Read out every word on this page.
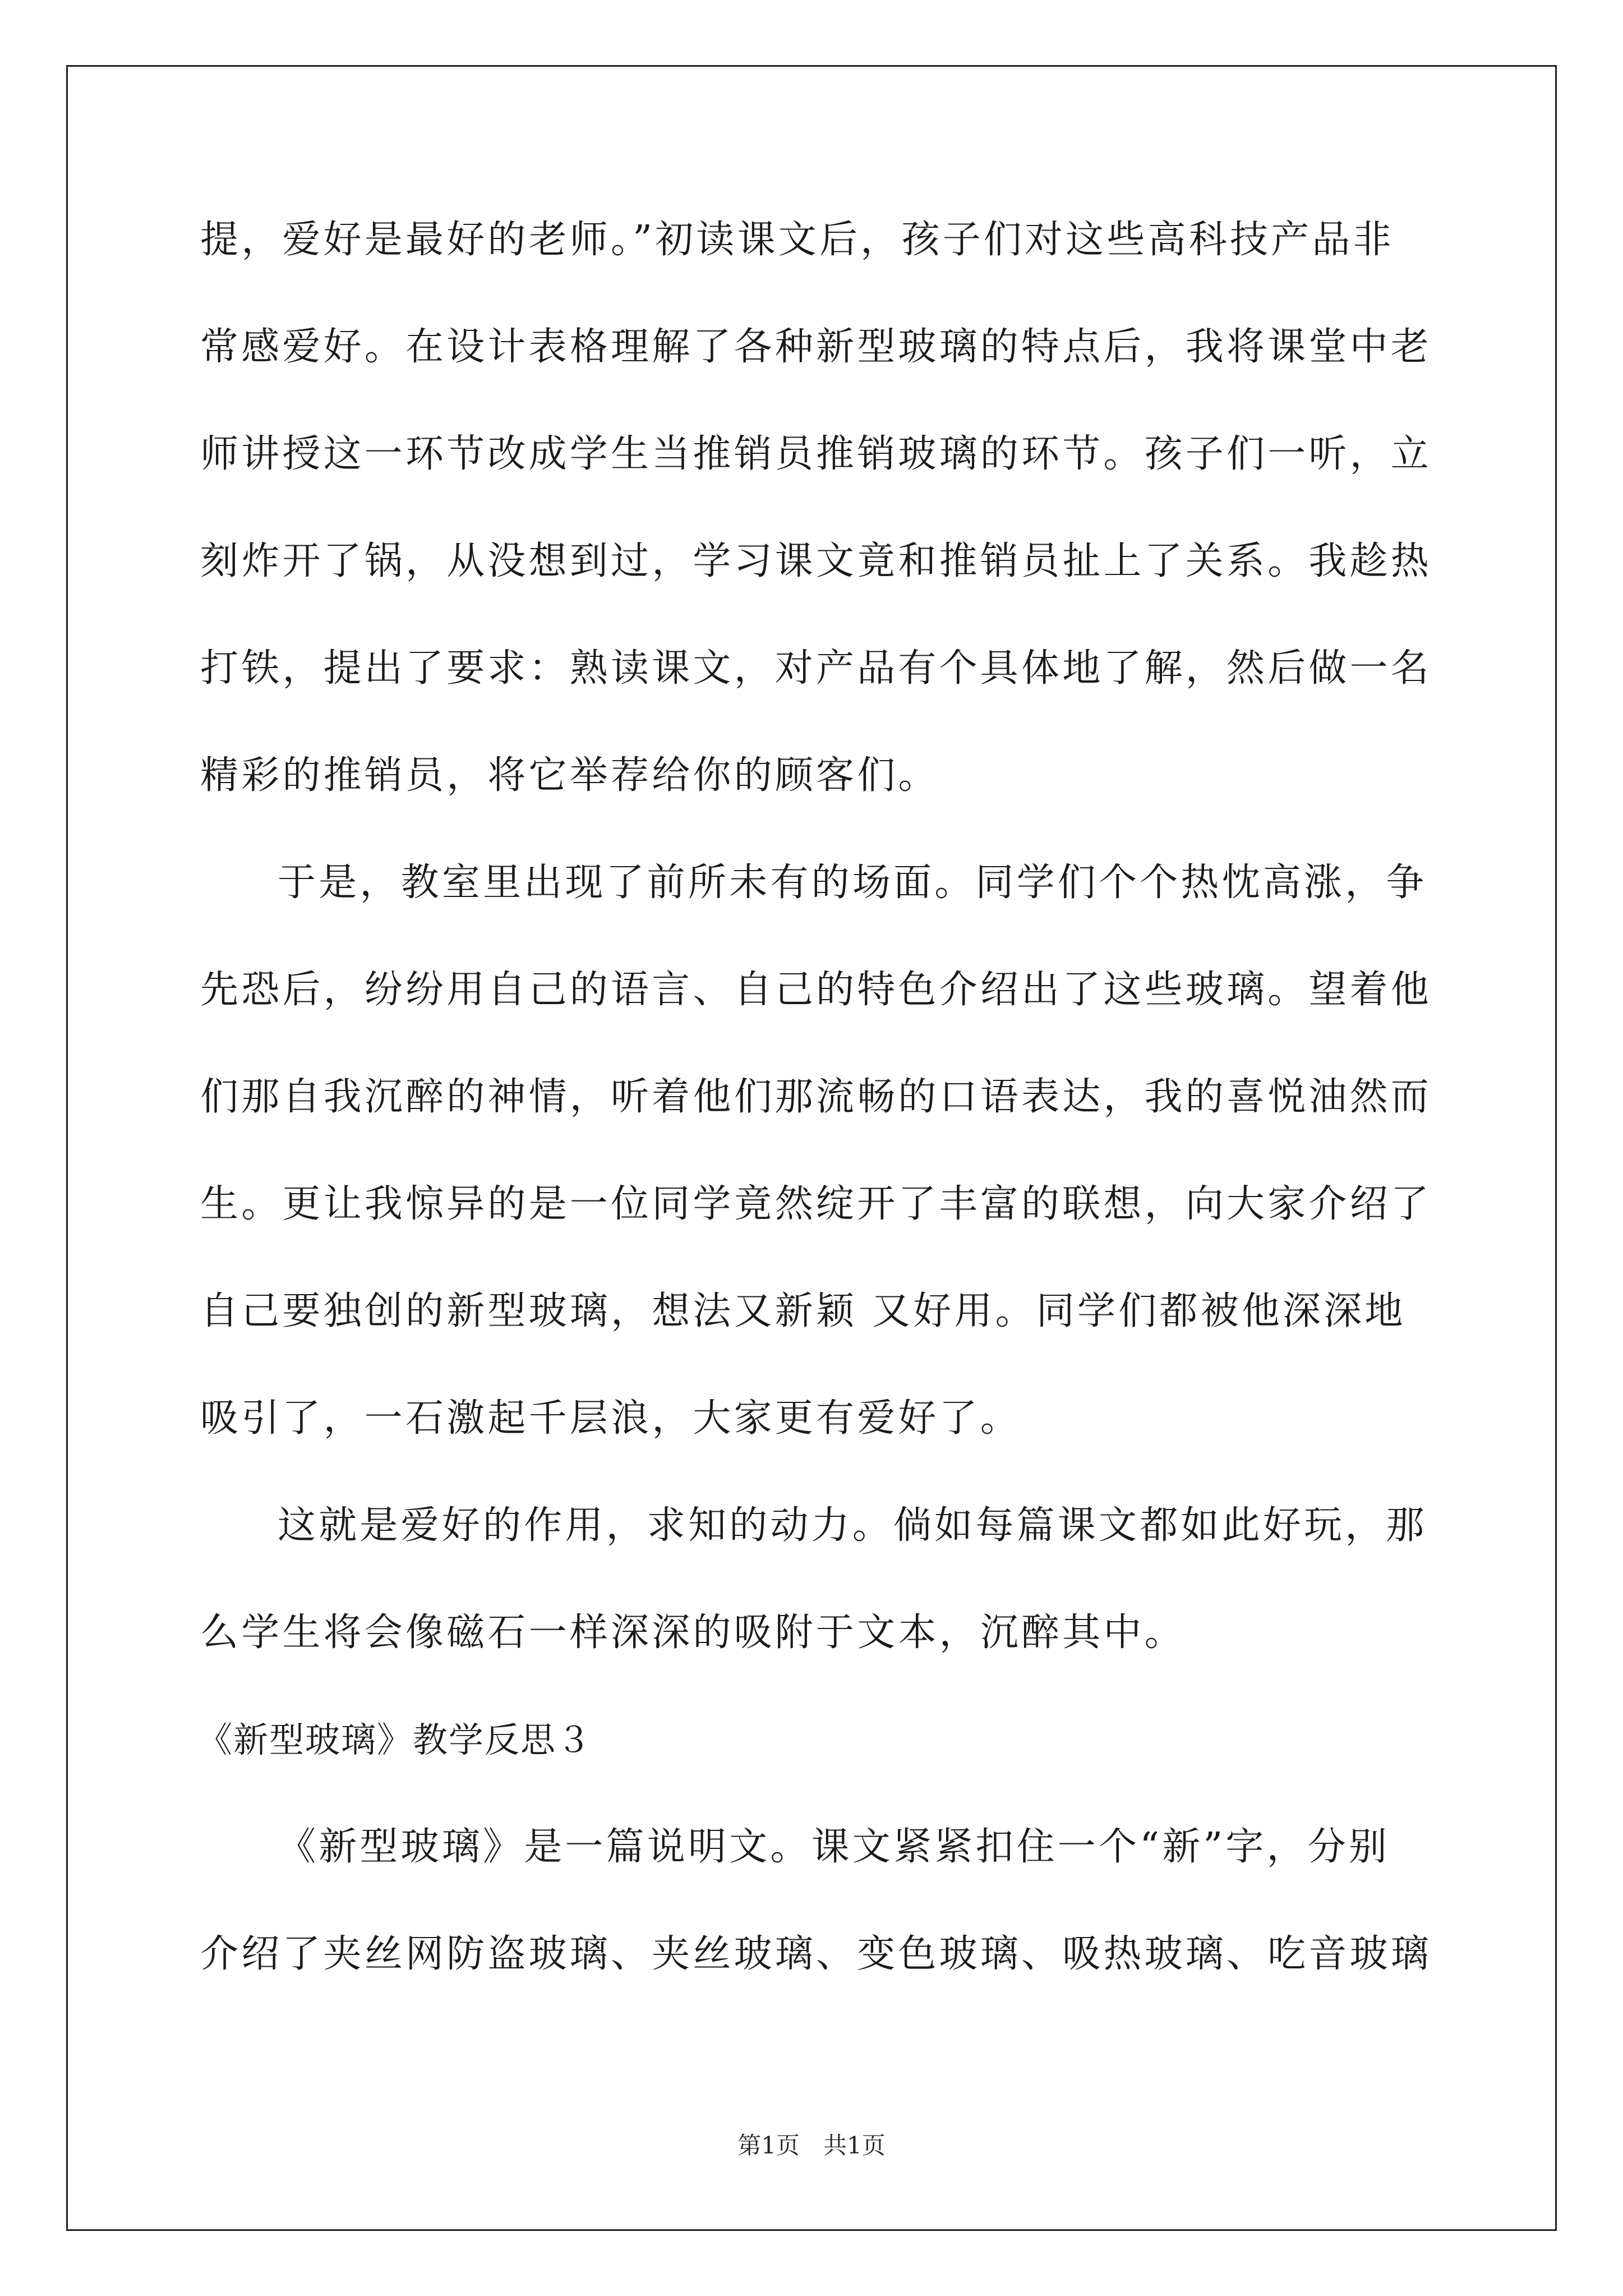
提，爱好是最好的老师。”初读课文后，孩子们对这些高科技产品非
常感爱好。在设计表格理解了各种新型玻璃的特点后，我将课堂中老
师讲授这一环节改成学生当推销员推销玻璃的环节。孩子们一听，立
刻炸开了锅，从没想到过，学习课文竟和推销员扯上了关系。我趁热
打铁，提出了要求：熟读课文，对产品有个具体地了解，然后做一名
精彩的推销员，将它举荐给你的顾客们。
于是，教室里出现了前所未有的场面。同学们个个热忱高涨，争
先恐后，纷纷用自己的语言、自己的特色介绍出了这些玻璃。望着他
们那自我沉醉的神情，听着他们那流畅的口语表达，我的喜悦油然而
生。更让我惊异的是一位同学竟然绽开了丰富的联想，向大家介绍了
自己要独创的新型玻璃，想法又新颖 又好用。同学们都被他深深地
吸引了，一石激起千层浪，大家更有爱好了。
这就是爱好的作用，求知的动力。倘如每篇课文都如此好玩，那
么学生将会像磁石一样深深的吸附于文本，沉醉其中。
《新型玻璃》教学反思３
《新型玻璃》是一篇说明文。课文紧紧扣住一个“新”字，分别
介绍了夹丝网防盗玻璃、夹丝玻璃、变色玻璃、吸热玻璃、吃音玻璃
第1页 共1页
